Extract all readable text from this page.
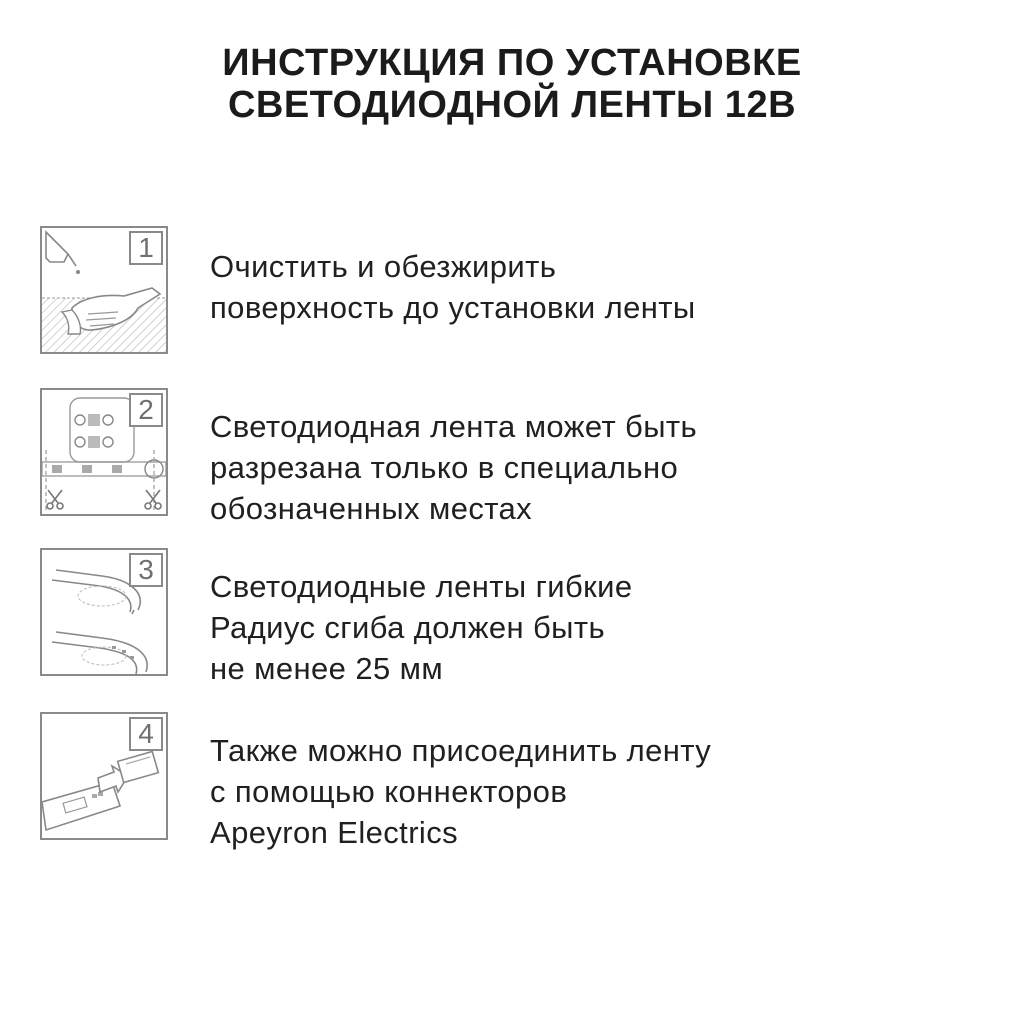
ИНСТРУКЦИЯ ПО УСТАНОВКЕ
СВЕТОДИОДНОЙ ЛЕНТЫ 12В
1
Очистить и обезжирить
поверхность до установки ленты
2 Светодиодная лента может быть
разрезана только в специально
обозначенных местах
3 Светодиодные ленты гибкие
Радиус сгиба должен быть
не менее 25 мм
4 Также можно присоединить ленту
с помощью коннекторов
Apeyron Electrics
